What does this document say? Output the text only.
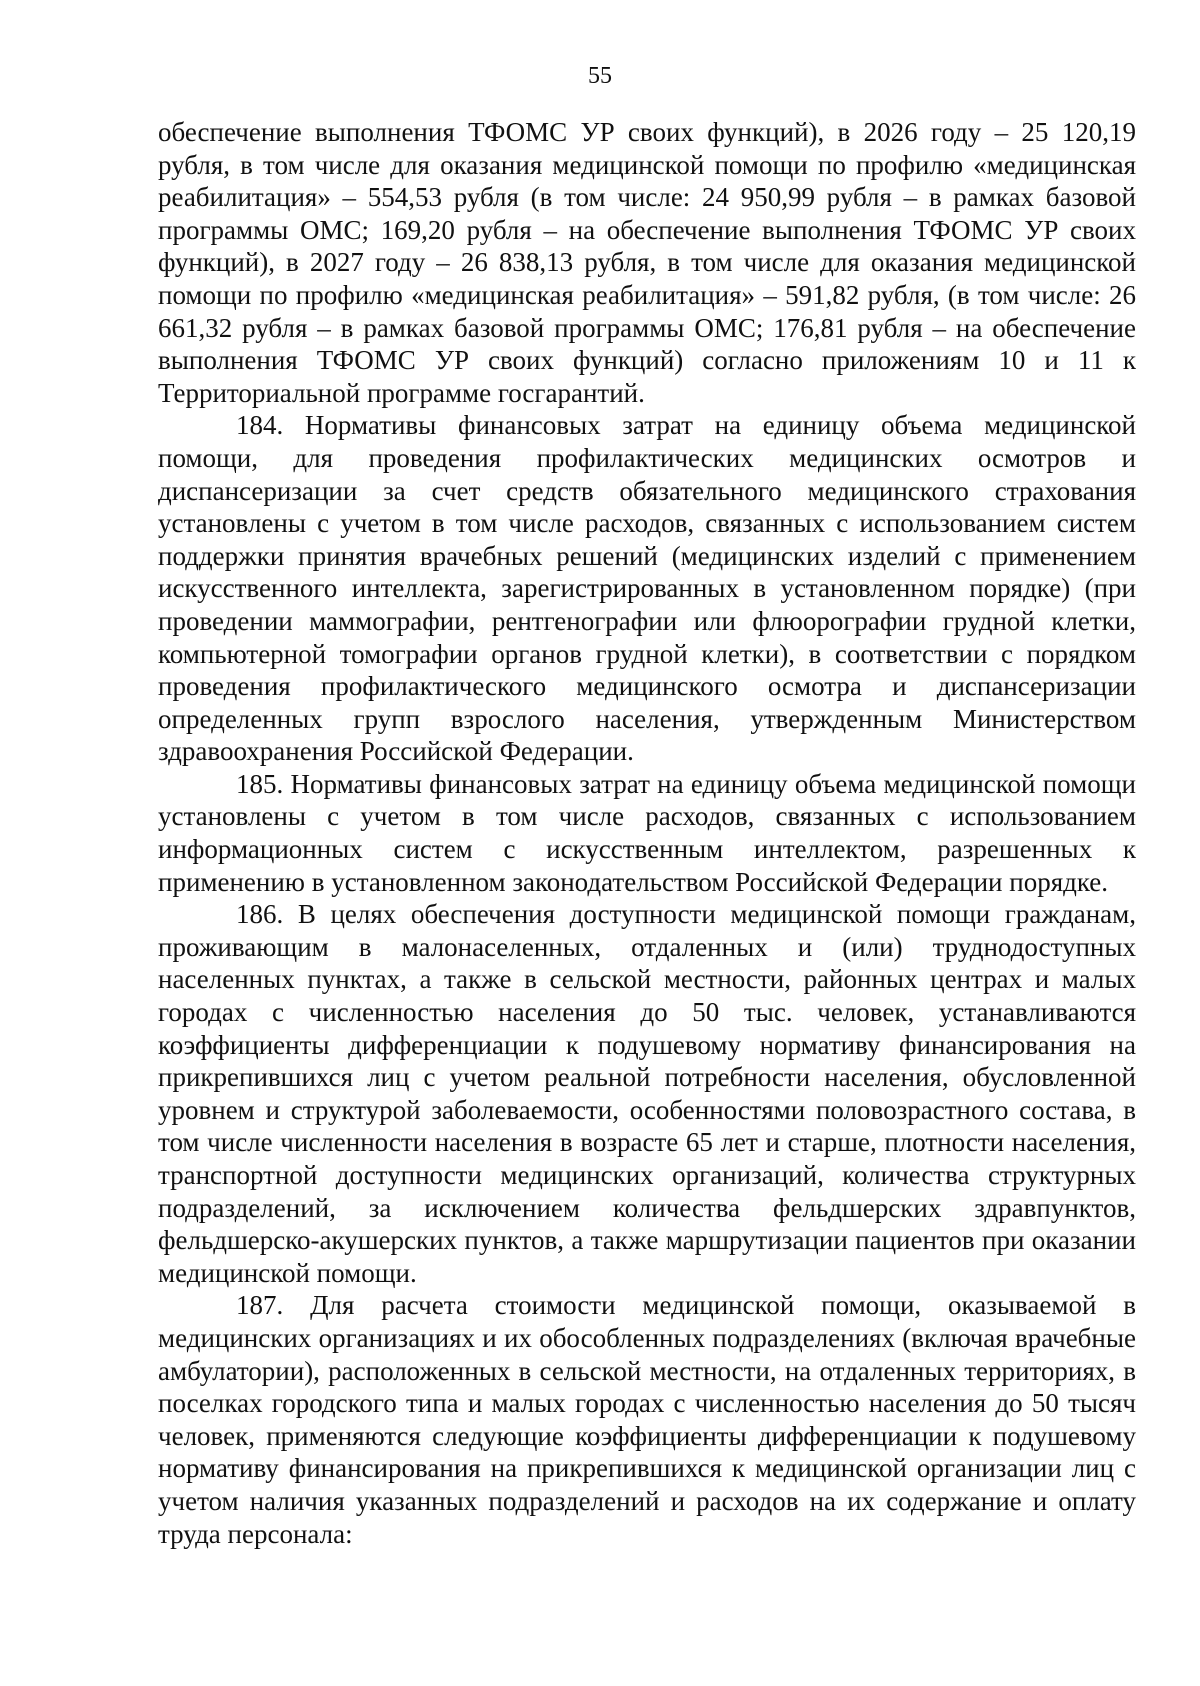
55

обеспечение выполнения ТФОМС УР своих функций), в 2026 году – 25 120,19 рубля, в том числе для оказания медицинской помощи по профилю «медицинская реабилитация» – 554,53 рубля (в том числе: 24 950,99 рубля – в рамках базовой программы ОМС; 169,20 рубля – на обеспечение выполнения ТФОМС УР своих функций), в 2027 году – 26 838,13 рубля, в том числе для оказания медицинской помощи по профилю «медицинская реабилитация» – 591,82 рубля, (в том числе: 26 661,32 рубля – в рамках базовой программы ОМС; 176,81 рубля – на обеспечение выполнения ТФОМС УР своих функций) согласно приложениям 10 и 11 к Территориальной программе госгарантий.

184. Нормативы финансовых затрат на единицу объема медицинской помощи, для проведения профилактических медицинских осмотров и диспансеризации за счет средств обязательного медицинского страхования установлены с учетом в том числе расходов, связанных с использованием систем поддержки принятия врачебных решений (медицинских изделий с применением искусственного интеллекта, зарегистрированных в установленном порядке) (при проведении маммографии, рентгенографии или флюорографии грудной клетки, компьютерной томографии органов грудной клетки), в соответствии с порядком проведения профилактического медицинского осмотра и диспансеризации определенных групп взрослого населения, утвержденным Министерством здравоохранения Российской Федерации.

185. Нормативы финансовых затрат на единицу объема медицинской помощи установлены с учетом в том числе расходов, связанных с использованием информационных систем с искусственным интеллектом, разрешенных к применению в установленном законодательством Российской Федерации порядке.

186. В целях обеспечения доступности медицинской помощи гражданам, проживающим в малонаселенных, отдаленных и (или) труднодоступных населенных пунктах, а также в сельской местности, районных центрах и малых городах с численностью населения до 50 тыс. человек, устанавливаются коэффициенты дифференциации к подушевому нормативу финансирования на прикрепившихся лиц с учетом реальной потребности населения, обусловленной уровнем и структурой заболеваемости, особенностями половозрастного состава, в том числе численности населения в возрасте 65 лет и старше, плотности населения, транспортной доступности медицинских организаций, количества структурных подразделений, за исключением количества фельдшерских здравпунктов, фельдшерско-акушерских пунктов, а также маршрутизации пациентов при оказании медицинской помощи.

187. Для расчета стоимости медицинской помощи, оказываемой в медицинских организациях и их обособленных подразделениях (включая врачебные амбулатории), расположенных в сельской местности, на отдаленных территориях, в поселках городского типа и малых городах с численностью населения до 50 тысяч человек, применяются следующие коэффициенты дифференциации к подушевому нормативу финансирования на прикрепившихся к медицинской организации лиц с учетом наличия указанных подразделений и расходов на их содержание и оплату труда персонала:
